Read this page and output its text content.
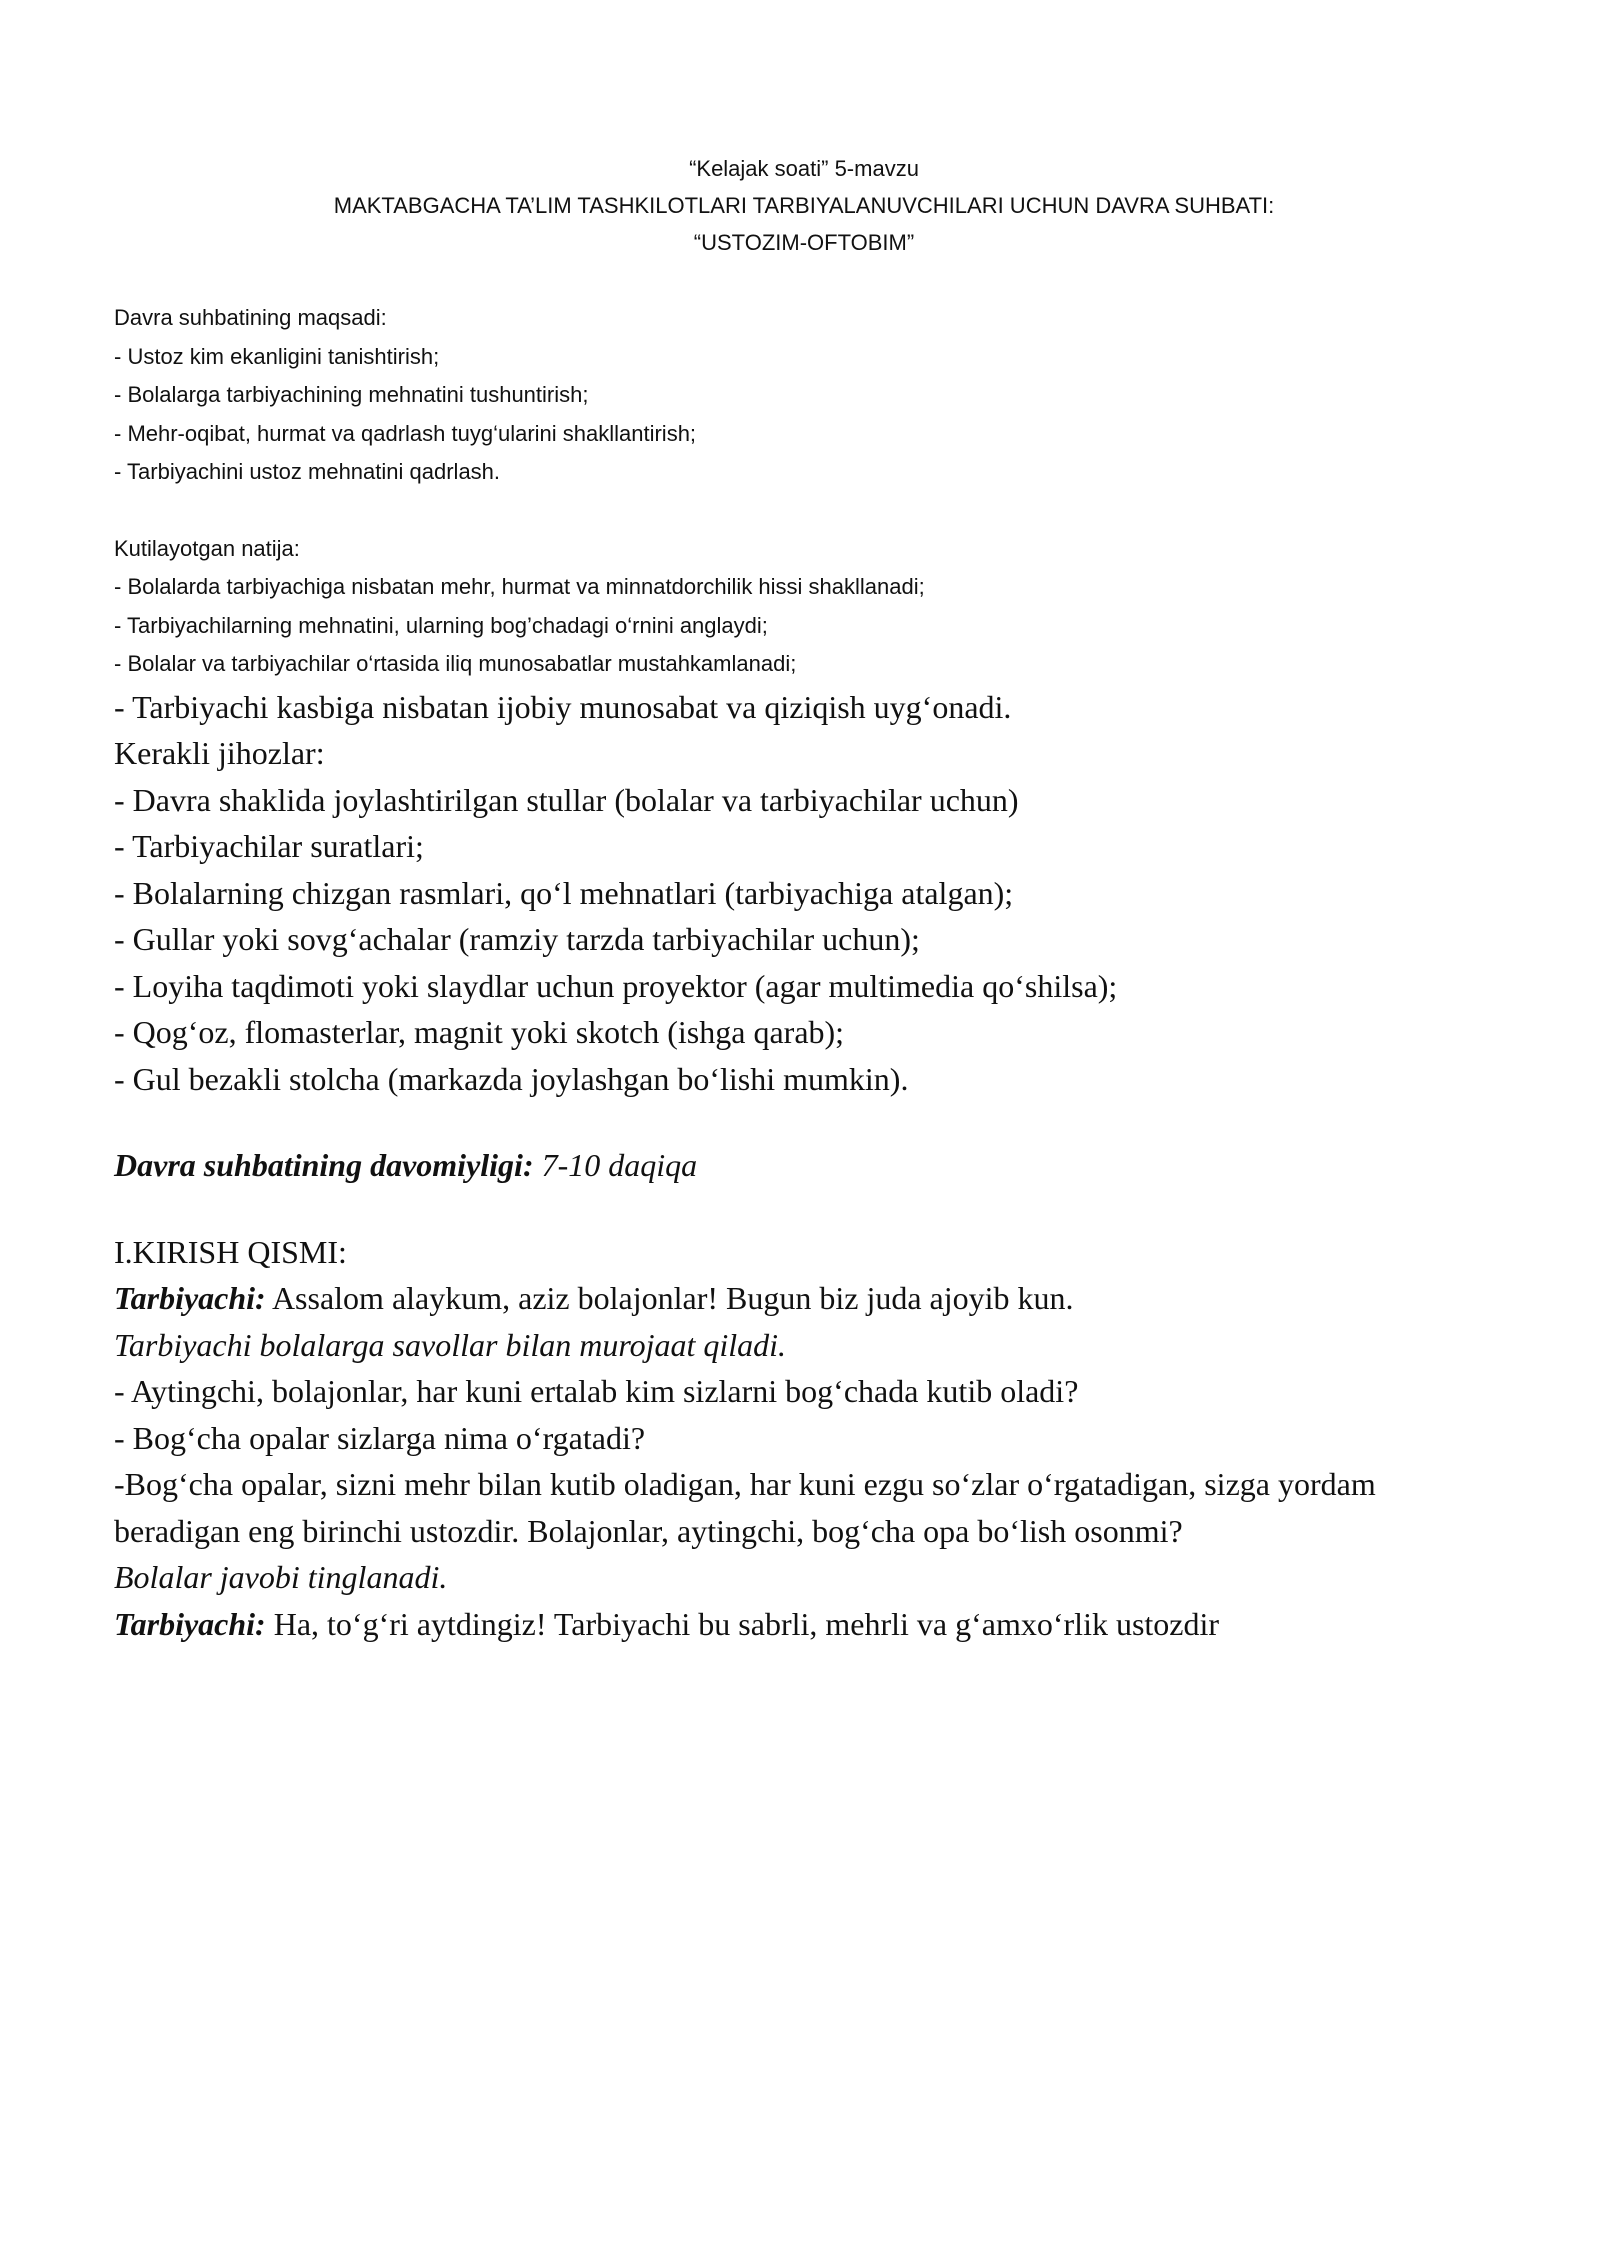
“Kelajak soati” 5-mavzu
MAKTABGACHA TA’LIM TASHKILOTLARI TARBIYALANUVCHILARI UCHUN DAVRA SUHBATI:
“USTOZIM-OFTOBIM”
Davra suhbatining maqsadi:
- Ustoz kim ekanligini tanishtirish;
- Bolalarga tarbiyachining mehnatini tushuntirish;
- Mehr-oqibat, hurmat va qadrlash tuyg‘ularini shakllantirish;
- Tarbiyachini ustoz mehnatini qadrlash.
Kutilayotgan natija:
- Bolalarda tarbiyachiga nisbatan mehr, hurmat va minnatdorchilik hissi shakllanadi;
- Tarbiyachilarning mehnatini, ularning bog’chadagi o‘rnini anglaydi;
- Bolalar va tarbiyachilar o‘rtasida iliq munosabatlar mustahkamlanadi;
- Tarbiyachi kasbiga nisbatan ijobiy munosabat va qiziqish uyg‘onadi.
Kerakli jihozlar:
- Davra shaklida joylashtirilgan stullar (bolalar va tarbiyachilar uchun)
- Tarbiyachilar suratlari;
- Bolalarning chizgan rasmlari, qo‘l mehnatlari (tarbiyachiga atalgan);
- Gullar yoki sovg‘achalar (ramziy tarzda tarbiyachilar uchun);
- Loyiha taqdimoti yoki slaydlar uchun proyektor (agar multimedia qo‘shilsa);
- Qog‘oz, flomasterlar, magnit yoki skotch (ishga qarab);
- Gul bezakli stolcha (markazda joylashgan bo‘lishi mumkin).
Davra suhbatining davomiyligi: 7-10 daqiqa
I.KIRISH QISMI:
Tarbiyachi: Assalom alaykum, aziz bolajonlar! Bugun biz juda ajoyib kun.
Tarbiyachi bolalarga savollar bilan murojaat qiladi.
- Aytingchi, bolajonlar, har kuni ertalab kim sizlarni bog‘chada kutib oladi?
- Bog‘cha opalar sizlarga nima o‘rgatadi?
-Bog‘cha opalar, sizni mehr bilan kutib oladigan, har kuni ezgu so‘zlar o‘rgatadigan, sizga yordam beradigan eng birinchi ustozdir. Bolajonlar, aytingchi, bog‘cha opa bo‘lish osonmi?
Bolalar javobi tinglanadi.
Tarbiyachi: Ha, to‘g‘ri aytdingiz! Tarbiyachi bu sabrli, mehrli va g‘amxo‘rlik ustozdir
